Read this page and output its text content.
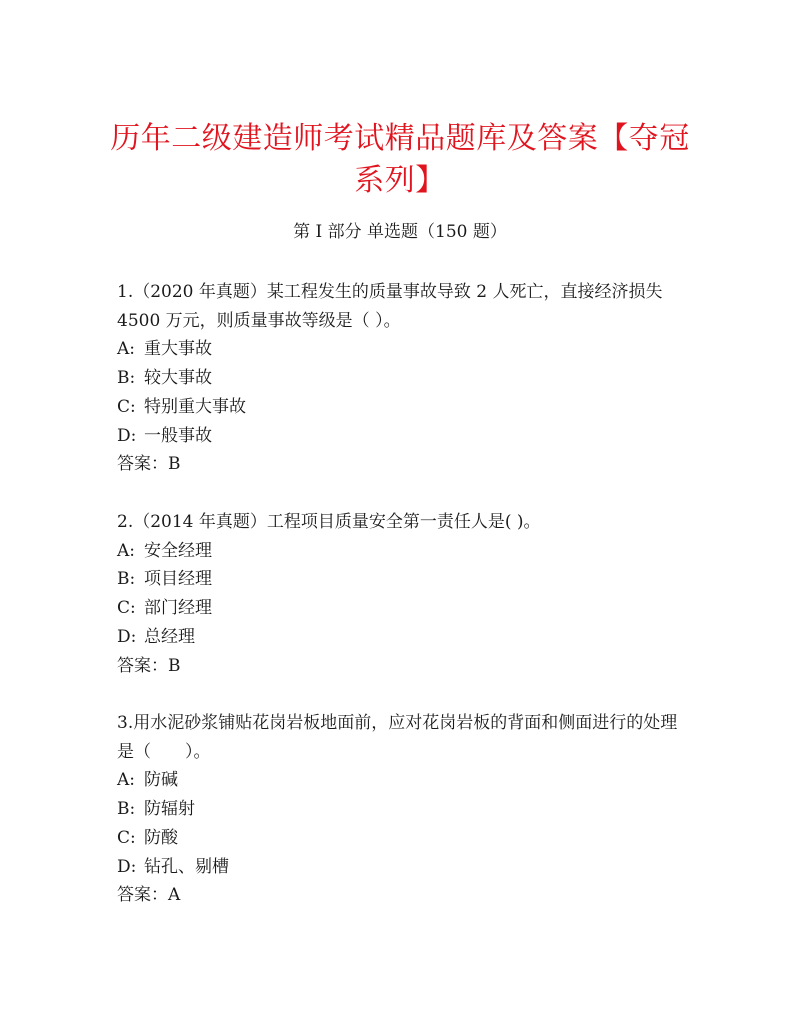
历年二级建造师考试精品题库及答案【夺冠系列】
第 I 部分 单选题（150 题）

1.（2020 年真题）某工程发生的质量事故导致 2 人死亡，直接经济损失 4500 万元，则质量事故等级是（ ）。

A: 重大事故

B: 较大事故

C: 特别重大事故

D: 一般事故

答案：B

2.（2014 年真题）工程项目质量安全第一责任人是( )。

A: 安全经理

B: 项目经理

C: 部门经理

D: 总经理

答案：B

3.用水泥砂浆铺贴花岗岩板地面前，应对花岗岩板的背面和侧面进行的处理是（　　）。

A: 防碱

B: 防辐射

C: 防酸

D: 钻孔、剔槽

答案：A
